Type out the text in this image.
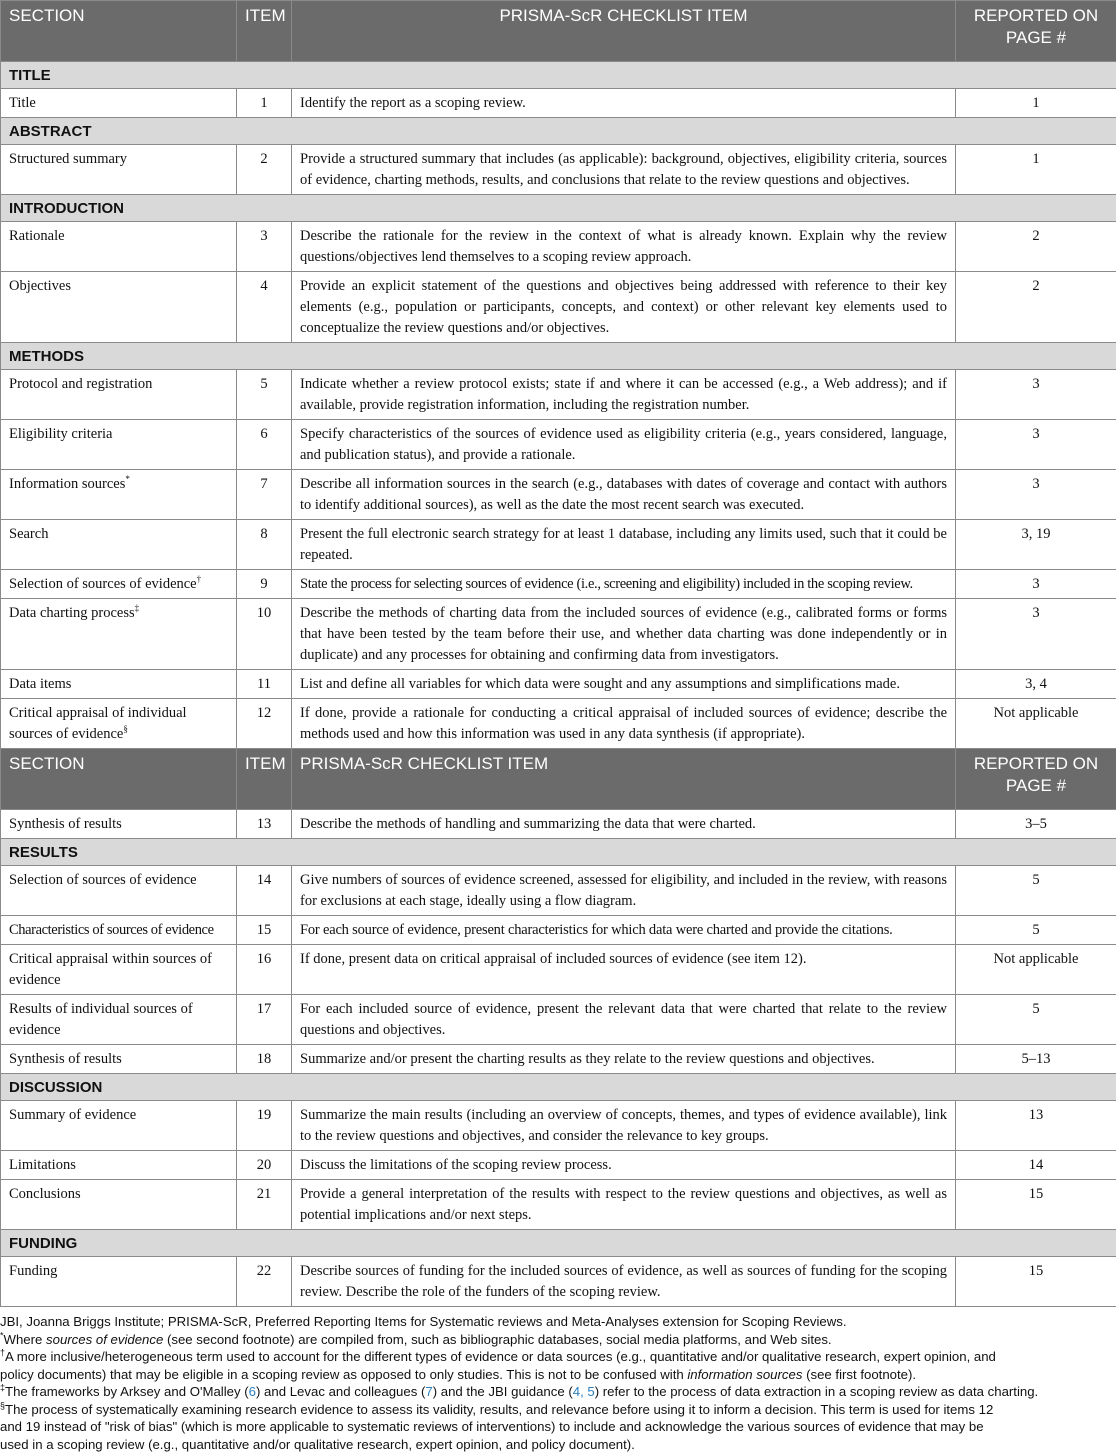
SECTION	ITEM	PRISMA-ScR CHECKLIST ITEM	REPORTED ON PAGE #
TITLE			
Title	1	Identify the report as a scoping review.	1
ABSTRACT			
Structured summary	2	Provide a structured summary that includes (as applicable): background, objectives, eligibility criteria, sources of evidence, charting methods, results, and conclusions that relate to the review questions and objectives.	1
INTRODUCTION			
Rationale	3	Describe the rationale for the review in the context of what is already known. Explain why the review questions/objectives lend themselves to a scoping review approach.	2
Objectives	4	Provide an explicit statement of the questions and objectives being addressed with reference to their key elements (e.g., population or participants, concepts, and context) or other relevant key elements used to conceptualize the review questions and/or objectives.	2
METHODS			
Protocol and registration	5	Indicate whether a review protocol exists; state if and where it can be accessed (e.g., a Web address); and if available, provide registration information, including the registration number.	3
Eligibility criteria	6	Specify characteristics of the sources of evidence used as eligibility criteria (e.g., years considered, language, and publication status), and provide a rationale.	3
Information sources*	7	Describe all information sources in the search (e.g., databases with dates of coverage and contact with authors to identify additional sources), as well as the date the most recent search was executed.	3
Search	8	Present the full electronic search strategy for at least 1 database, including any limits used, such that it could be repeated.	3, 19
Selection of sources of evidence†	9	State the process for selecting sources of evidence (i.e., screening and eligibility) included in the scoping review.	3
Data charting process‡	10	Describe the methods of charting data from the included sources of evidence (e.g., calibrated forms or forms that have been tested by the team before their use, and whether data charting was done independently or in duplicate) and any processes for obtaining and confirming data from investigators.	3
Data items	11	List and define all variables for which data were sought and any assumptions and simplifications made.	3, 4
Critical appraisal of individual sources of evidence§	12	If done, provide a rationale for conducting a critical appraisal of included sources of evidence; describe the methods used and how this information was used in any data synthesis (if appropriate).	Not applicable
SECTION	ITEM	PRISMA-ScR CHECKLIST ITEM	REPORTED ON PAGE #
Synthesis of results	13	Describe the methods of handling and summarizing the data that were charted.	3–5
RESULTS			
Selection of sources of evidence	14	Give numbers of sources of evidence screened, assessed for eligibility, and included in the review, with reasons for exclusions at each stage, ideally using a flow diagram.	5
Characteristics of sources of evidence	15	For each source of evidence, present characteristics for which data were charted and provide the citations.	5
Critical appraisal within sources of evidence	16	If done, present data on critical appraisal of included sources of evidence (see item 12).	Not applicable
Results of individual sources of evidence	17	For each included source of evidence, present the relevant data that were charted that relate to the review questions and objectives.	5
Synthesis of results	18	Summarize and/or present the charting results as they relate to the review questions and objectives.	5–13
DISCUSSION			
Summary of evidence	19	Summarize the main results (including an overview of concepts, themes, and types of evidence available), link to the review questions and objectives, and consider the relevance to key groups.	13
Limitations	20	Discuss the limitations of the scoping review process.	14
Conclusions	21	Provide a general interpretation of the results with respect to the review questions and objectives, as well as potential implications and/or next steps.	15
FUNDING			
Funding	22	Describe sources of funding for the included sources of evidence, as well as sources of funding for the scoping review. Describe the role of the funders of the scoping review.	15

JBI, Joanna Briggs Institute; PRISMA-ScR, Preferred Reporting Items for Systematic reviews and Meta-Analyses extension for Scoping Reviews.

*Where sources of evidence (see second footnote) are compiled from, such as bibliographic databases, social media platforms, and Web sites.

†A more inclusive/heterogeneous term used to account for the different types of evidence or data sources (e.g., quantitative and/or qualitative research, expert opinion, and

policy documents) that may be eligible in a scoping review as opposed to only studies. This is not to be confused with information sources (see first footnote).

‡The frameworks by Arksey and O'Malley (6) and Levac and colleagues (7) and the JBI guidance (4, 5) refer to the process of data extraction in a scoping review as data charting.

§The process of systematically examining research evidence to assess its validity, results, and relevance before using it to inform a decision. This term is used for items 12

and 19 instead of "risk of bias" (which is more applicable to systematic reviews of interventions) to include and acknowledge the various sources of evidence that may be

used in a scoping review (e.g., quantitative and/or qualitative research, expert opinion, and policy document).
